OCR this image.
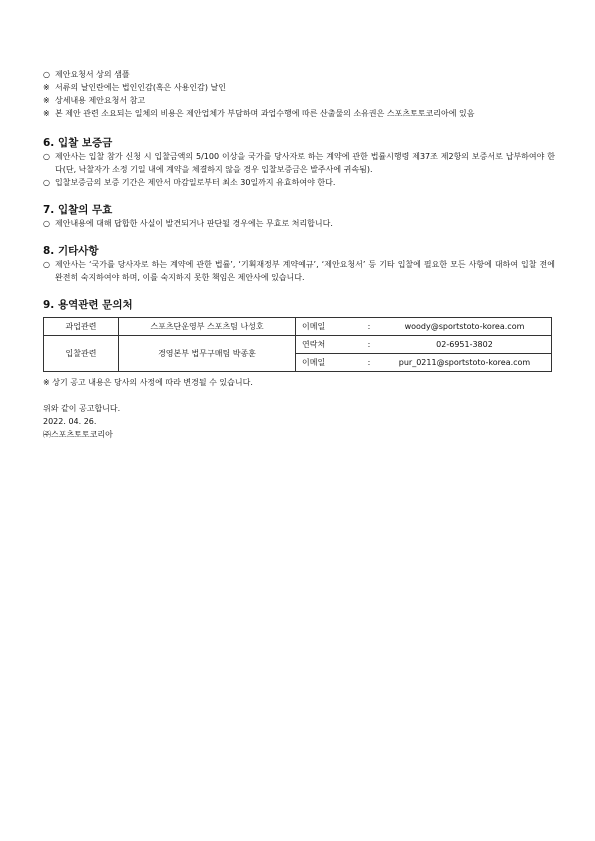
○ 제안요청서 상의 샘플

※ 서류의 날인란에는 법인인감(혹은 사용인감) 날인

※ 상세내용 제안요청서 참고

※ 본 제안 관련 소요되는 일체의 비용은 제안업체가 부담하며 과업수행에 따른 산출물의 소유권은 스포츠토토코리아에 있음

6. 입찰 보증금

○ 제안사는 입찰 참가 신청 시 입찰금액의 5/100 이상을 국가를 당사자로 하는 계약에 관한 법률시행령 제37조 제2항의 보증서로 납부하여야 한다(단, 낙찰자가 소정 기일 내에 계약을 체결하지 않을 경우 입찰보증금은 발주사에 귀속됨).

○ 입찰보증금의 보증 기간은 제안서 마감일로부터 최소 30일까지 유효하여야 한다.

7. 입찰의 무효

○ 제안내용에 대해 답합한 사실이 발견되거나 판단될 경우에는 무효로 처리합니다.

8. 기타사항

○ 제안사는 ‘국가를 당사자로 하는 계약에 관한 법률’, ‘기획재정부 계약예규’, ‘제안요청서’ 등 기타 입찰에 필요한 모든 사항에 대하여 입찰 전에 완전히 숙지하여야 하며, 이를 숙지하지 못한 책임은 제안사에 있습니다.

9. 용역관련 문의처

과업관련	스포츠단운영부 스포츠팀 나성호	이메일	:	woody@sportstoto-korea.com
입찰관련	경영본부 법무구매팀 박종훈	연락처	:	02-6951-3802
		이메일	:	pur_0211@sportstoto-korea.com

※ 상기 공고 내용은 당사의 사정에 따라 변경될 수 있습니다.

위와 같이 공고합니다.

2022. 04. 26.

㈜스포츠토토코리아
